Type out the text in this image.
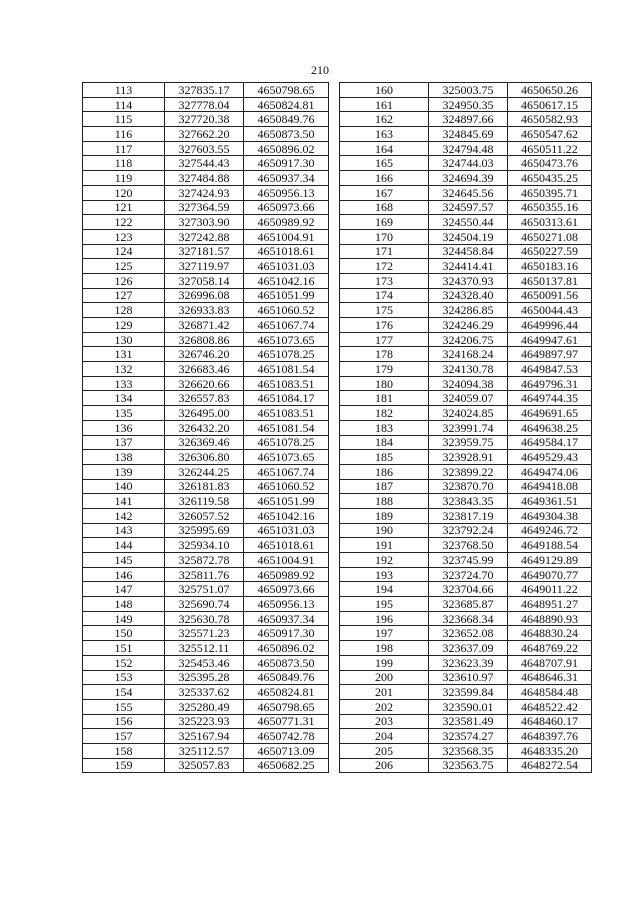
210
113	327835.17	4650798.65
114	327778.04	4650824.81
115	327720.38	4650849.76
116	327662.20	4650873.50
117	327603.55	4650896.02
118	327544.43	4650917.30
119	327484.88	4650937.34
120	327424.93	4650956.13
121	327364.59	4650973.66
122	327303.90	4650989.92
123	327242.88	4651004.91
124	327181.57	4651018.61
125	327119.97	4651031.03
126	327058.14	4651042.16
127	326996.08	4651051.99
128	326933.83	4651060.52
129	326871.42	4651067.74
130	326808.86	4651073.65
131	326746.20	4651078.25
132	326683.46	4651081.54
133	326620.66	4651083.51
134	326557.83	4651084.17
135	326495.00	4651083.51
136	326432.20	4651081.54
137	326369.46	4651078.25
138	326306.80	4651073.65
139	326244.25	4651067.74
140	326181.83	4651060.52
141	326119.58	4651051.99
142	326057.52	4651042.16
143	325995.69	4651031.03
144	325934.10	4651018.61
145	325872.78	4651004.91
146	325811.76	4650989.92
147	325751.07	4650973.66
148	325690.74	4650956.13
149	325630.78	4650937.34
150	325571.23	4650917.30
151	325512.11	4650896.02
152	325453.46	4650873.50
153	325395.28	4650849.76
154	325337.62	4650824.81
155	325280.49	4650798.65
156	325223.93	4650771.31
157	325167.94	4650742.78
158	325112.57	4650713.09
159	325057.83	4650682.25
160	325003.75	4650650.26
161	324950.35	4650617.15
162	324897.66	4650582.93
163	324845.69	4650547.62
164	324794.48	4650511.22
165	324744.03	4650473.76
166	324694.39	4650435.25
167	324645.56	4650395.71
168	324597.57	4650355.16
169	324550.44	4650313.61
170	324504.19	4650271.08
171	324458.84	4650227.59
172	324414.41	4650183.16
173	324370.93	4650137.81
174	324328.40	4650091.56
175	324286.85	4650044.43
176	324246.29	4649996.44
177	324206.75	4649947.61
178	324168.24	4649897.97
179	324130.78	4649847.53
180	324094.38	4649796.31
181	324059.07	4649744.35
182	324024.85	4649691.65
183	323991.74	4649638.25
184	323959.75	4649584.17
185	323928.91	4649529.43
186	323899.22	4649474.06
187	323870.70	4649418.08
188	323843.35	4649361.51
189	323817.19	4649304.38
190	323792.24	4649246.72
191	323768.50	4649188.54
192	323745.99	4649129.89
193	323724.70	4649070.77
194	323704.66	4649011.22
195	323685.87	4648951.27
196	323668.34	4648890.93
197	323652.08	4648830.24
198	323637.09	4648769.22
199	323623.39	4648707.91
200	323610.97	4648646.31
201	323599.84	4648584.48
202	323590.01	4648522.42
203	323581.49	4648460.17
204	323574.27	4648397.76
205	323568.35	4648335.20
206	323563.75	4648272.54
